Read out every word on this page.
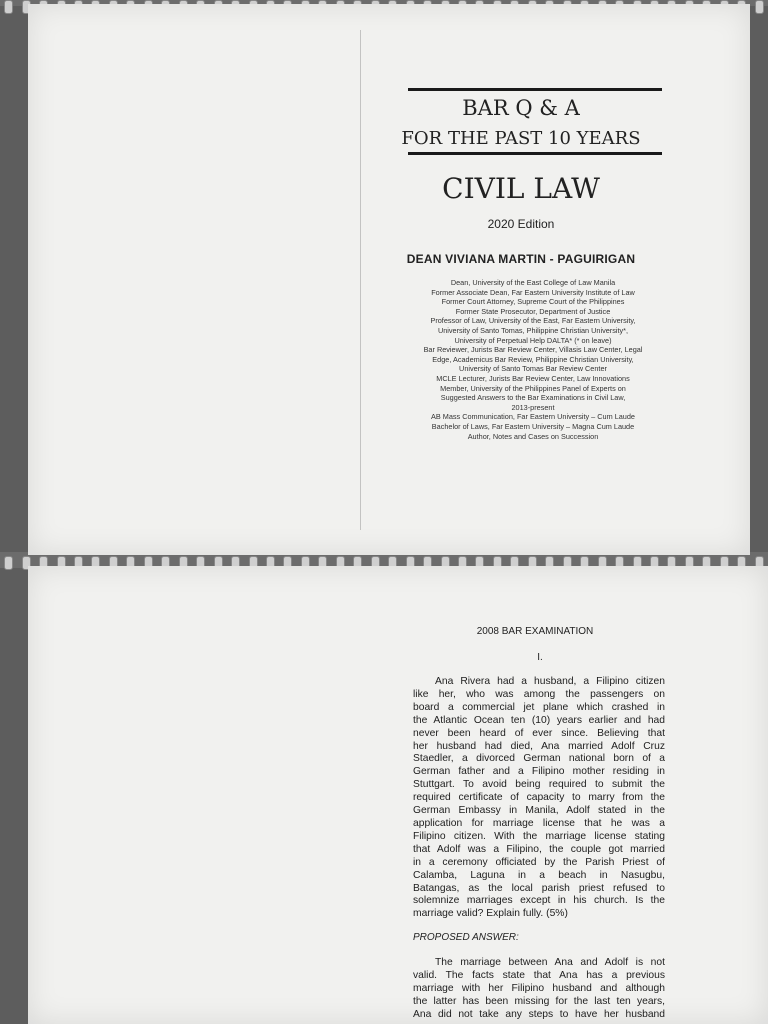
BAR Q & A
FOR THE PAST 10 YEARS
CIVIL LAW
2020 Edition
DEAN VIVIANA MARTIN - PAGUIRIGAN
Dean, University of the East College of Law Manila
Former Associate Dean, Far Eastern University Institute of Law
Former Court Attorney, Supreme Court of the Philippines
Former State Prosecutor, Department of Justice
Professor of Law, University of the East, Far Eastern University,
University of Santo Tomas, Philippine Christian University*,
University of Perpetual Help DALTA* (* on leave)
Bar Reviewer, Jurists Bar Review Center, Villasis Law Center, Legal
Edge, Academicus Bar Review, Philippine Christian University,
University of Santo Tomas Bar Review Center
MCLE Lecturer, Jurists Bar Review Center, Law Innovations
Member, University of the Philippines Panel of Experts on
Suggested Answers to the Bar Examinations in Civil Law,
2013-present
AB Mass Communication, Far Eastern University – Cum Laude
Bachelor of Laws, Far Eastern University – Magna Cum Laude
Author, Notes and Cases on Succession
2008 BAR EXAMINATION
I.
Ana Rivera had a husband, a Filipino citizen
like her, who was among the passengers on
board a commercial jet plane which crashed in
the Atlantic Ocean ten (10) years earlier and had
never been heard of ever since. Believing that
her husband had died, Ana married Adolf Cruz
Staedler, a divorced German national born of a
German father and a Filipino mother residing in
Stuttgart. To avoid being required to submit the
required certificate of capacity to marry from the
German Embassy in Manila, Adolf stated in the
application for marriage license that he was a
Filipino citizen. With the marriage license stating
that Adolf was a Filipino, the couple got married
in a ceremony officiated by the Parish Priest of
Calamba, Laguna in a beach in Nasugbu,
Batangas, as the local parish priest refused to
solemnize marriages except in his church. Is the
marriage valid? Explain fully. (5%)
PROPOSED ANSWER:
The marriage between Ana and Adolf is not
valid. The facts state that Ana has a previous
marriage with her Filipino husband and although
the latter has been missing for the last ten years,
Ana did not take any steps to have her husband
